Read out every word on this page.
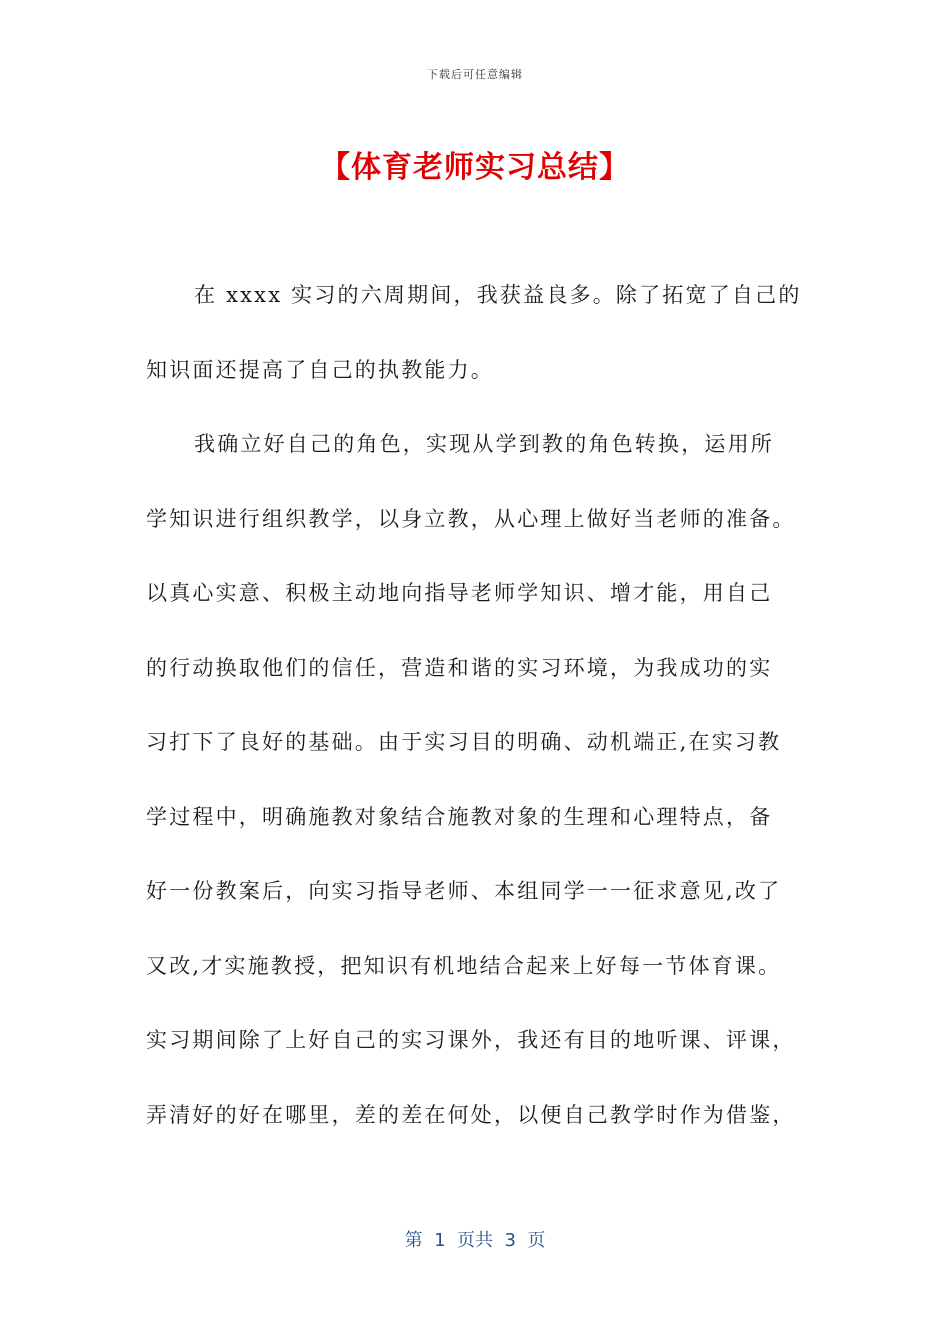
下载后可任意编辑
【体育老师实习总结】
在 xxxx 实习的六周期间，我获益良多。除了拓宽了自己的
知识面还提高了自己的执教能力。
我确立好自己的角色，实现从学到教的角色转换，运用所
学知识进行组织教学，以身立教，从心理上做好当老师的准备。
以真心实意、积极主动地向指导老师学知识、增才能，用自己
的行动换取他们的信任，营造和谐的实习环境，为我成功的实
习打下了良好的基础。由于实习目的明确、动机端正,在实习教
学过程中，明确施教对象结合施教对象的生理和心理特点，备
好一份教案后，向实习指导老师、本组同学一一征求意见,改了
又改,才实施教授，把知识有机地结合起来上好每一节体育课。
实习期间除了上好自己的实习课外，我还有目的地听课、评课，
弄清好的好在哪里，差的差在何处，以便自己教学时作为借鉴，
第  1  页共  3  页
